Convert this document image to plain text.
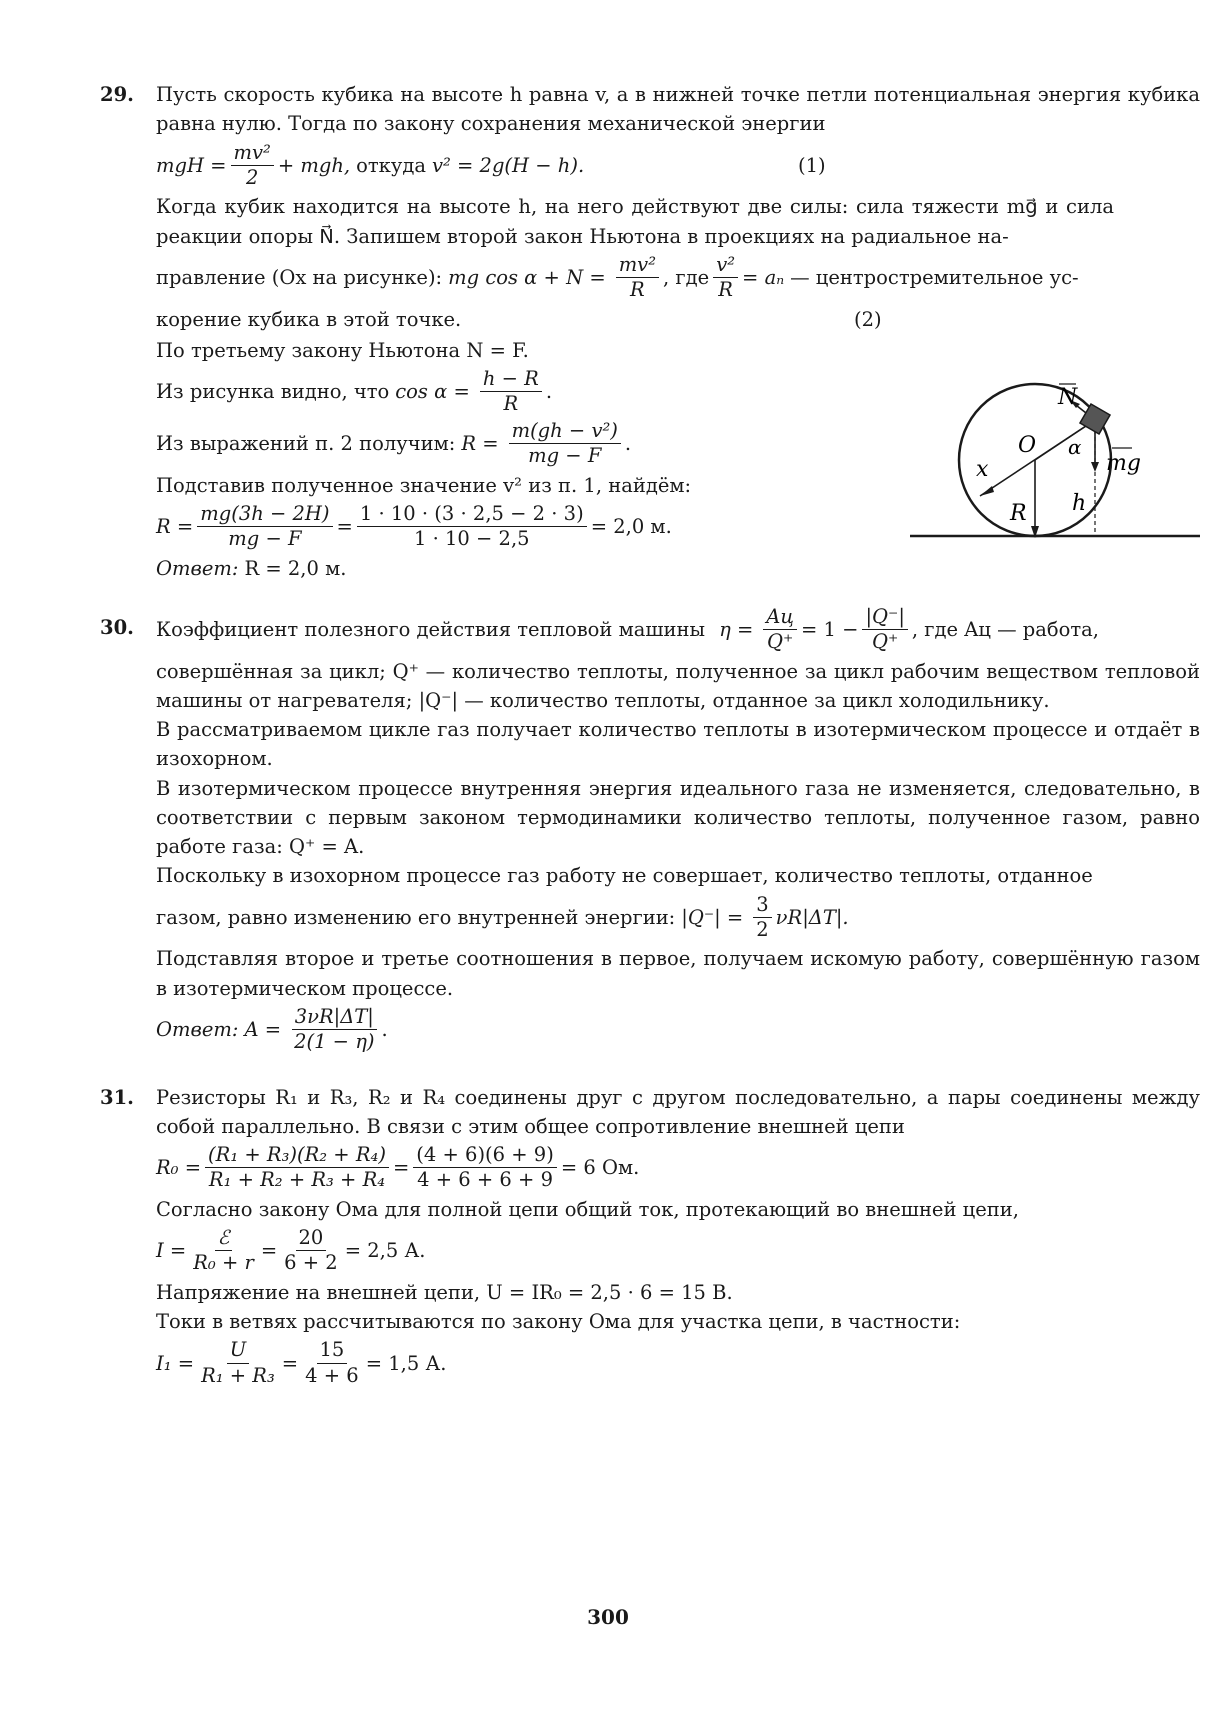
29. Пусть скорость кубика на высоте h равна v, а в нижней точке петли потенциальная энергия кубика равна нулю. Тогда по закону сохранения механической энергии

mgH = $\frac{\text{mv²}}{2}$ + mgh, откуда v² = 2g(H − h).	(1)

Когда кубик находится на высоте h, на него действуют две силы: сила тяжести mg⃗ и сила реакции опоры N⃗. Запишем второй закон Ньютона в проекциях на радиальное на-

правление (Ox на рисунке): mg $\cos \alpha + N = \frac{\text{mv²}}{R}$ , где $\frac{\text{v²}}{R} = a_n$ — центростремительное ус-
корение кубика в этой точке.	(2)
По третьему закону Ньютона N = F.
Из рисунка видно, что $\cos \alpha = \frac{h - R}{R}$ .
Из выражений п. 2 получим: $R = \frac{\text{m(gh − v²)}}{mg - F}$ .
Подставив полученное значение v² из п. 1, найдём:
$R = \frac{mg(3h - 2H)}{mg - F} = \frac{1 \cdot 10 \cdot (3 \cdot 2,5 - 2 \cdot 3)}{1 \cdot 10 - 2,5} = 2,0$ м.
Ответ: R = 2,0 м.
N
O α
mg
x
R h
30. Коэффициент полезного действия тепловой машины $\eta = \frac{Aц}{Q^+} = 1 - \frac{|Q^-|}{Q^+}$ , где Aц — работа,

совершённая за цикл; Q⁺ — количество теплоты, полученное за цикл рабочим веществом тепловой машины от нагревателя; |Q⁻| — количество теплоты, отданное за цикл холодильнику.

В рассматриваемом цикле газ получает количество теплоты в изотермическом процессе и отдаёт в изохорном.

В изотермическом процессе внутренняя энергия идеального газа не изменяется, следовательно, в соответствии с первым законом термодинамики количество теплоты, полученное газом, равно работе газа: Q⁺ = A.

Поскольку в изохорном процессе газ работу не совершает, количество теплоты, отданное

газом, равно изменению его внутренней энергии: $|Q^-| = \frac{3}{2} \nu R|\Delta T|$.

Подставляя второе и третье соотношения в первое, получаем искомую работу, совершённую газом в изотермическом процессе.

Ответ: $A = \frac{3\nu R|\Delta T|}{2(1 - \eta)}$ .
31. Резисторы R₁ и R₃, R₂ и R₄ соединены друг с другом последовательно, а пары соединены между собой параллельно. В связи с этим общее сопротивление внешней цепи

$R_0 = \frac{\text{(R₁ + R₃)(R₂ + R₄)}}{\text{R₁ + R₂ + R₃ + R₄}} = \frac{(4 + 6)(6 + 9)}{4 + 6 + 6 + 9} = 6$ Ом.

Согласно закону Ома для полной цепи общий ток, протекающий во внешней цепи,

$I = \frac{\text{ℰ}}{\text{R₀ + r}} = \frac{20}{6 + 2} = 2,5$ А.

Напряжение на внешней цепи, U = IR₀ = 2,5 · 6 = 15 В.

Токи в ветвях рассчитываются по закону Ома для участка цепи, в частности:

$I_1 = \frac{U}{\text{R₁ + R₃}} = \frac{15}{4 + 6} = 1,5$ А.
300
